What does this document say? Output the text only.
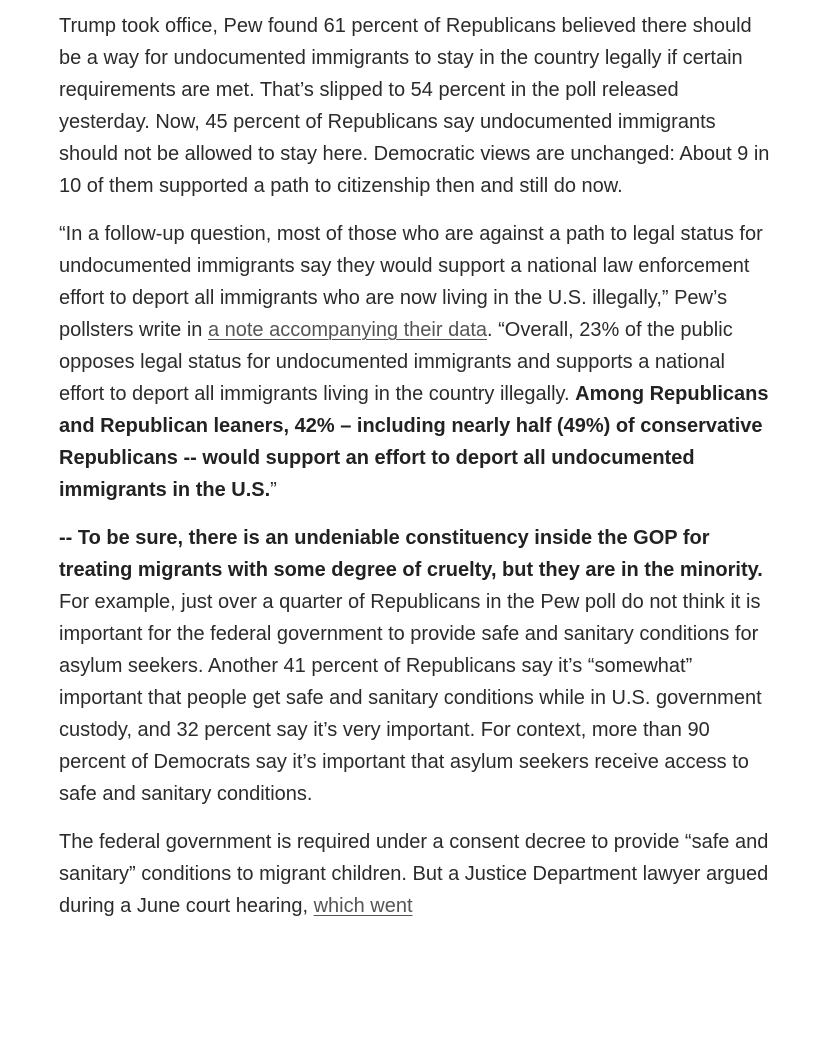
Trump took office, Pew found 61 percent of Republicans believed there should be a way for undocumented immigrants to stay in the country legally if certain requirements are met. That’s slipped to 54 percent in the poll released yesterday. Now, 45 percent of Republicans say undocumented immigrants should not be allowed to stay here. Democratic views are unchanged: About 9 in 10 of them supported a path to citizenship then and still do now.

“In a follow-up question, most of those who are against a path to legal status for undocumented immigrants say they would support a national law enforcement effort to deport all immigrants who are now living in the U.S. illegally,” Pew’s pollsters write in a note accompanying their data. “Overall, 23% of the public opposes legal status for undocumented immigrants and supports a national effort to deport all immigrants living in the country illegally. Among Republicans and Republican leaners, 42% – including nearly half (49%) of conservative Republicans -- would support an effort to deport all undocumented immigrants in the U.S.”

-- To be sure, there is an undeniable constituency inside the GOP for treating migrants with some degree of cruelty, but they are in the minority. For example, just over a quarter of Republicans in the Pew poll do not think it is important for the federal government to provide safe and sanitary conditions for asylum seekers. Another 41 percent of Republicans say it’s “somewhat” important that people get safe and sanitary conditions while in U.S. government custody, and 32 percent say it’s very important. For context, more than 90 percent of Democrats say it’s important that asylum seekers receive access to safe and sanitary conditions.

The federal government is required under a consent decree to provide “safe and sanitary” conditions to migrant children. But a Justice Department lawyer argued during a June court hearing, which went
